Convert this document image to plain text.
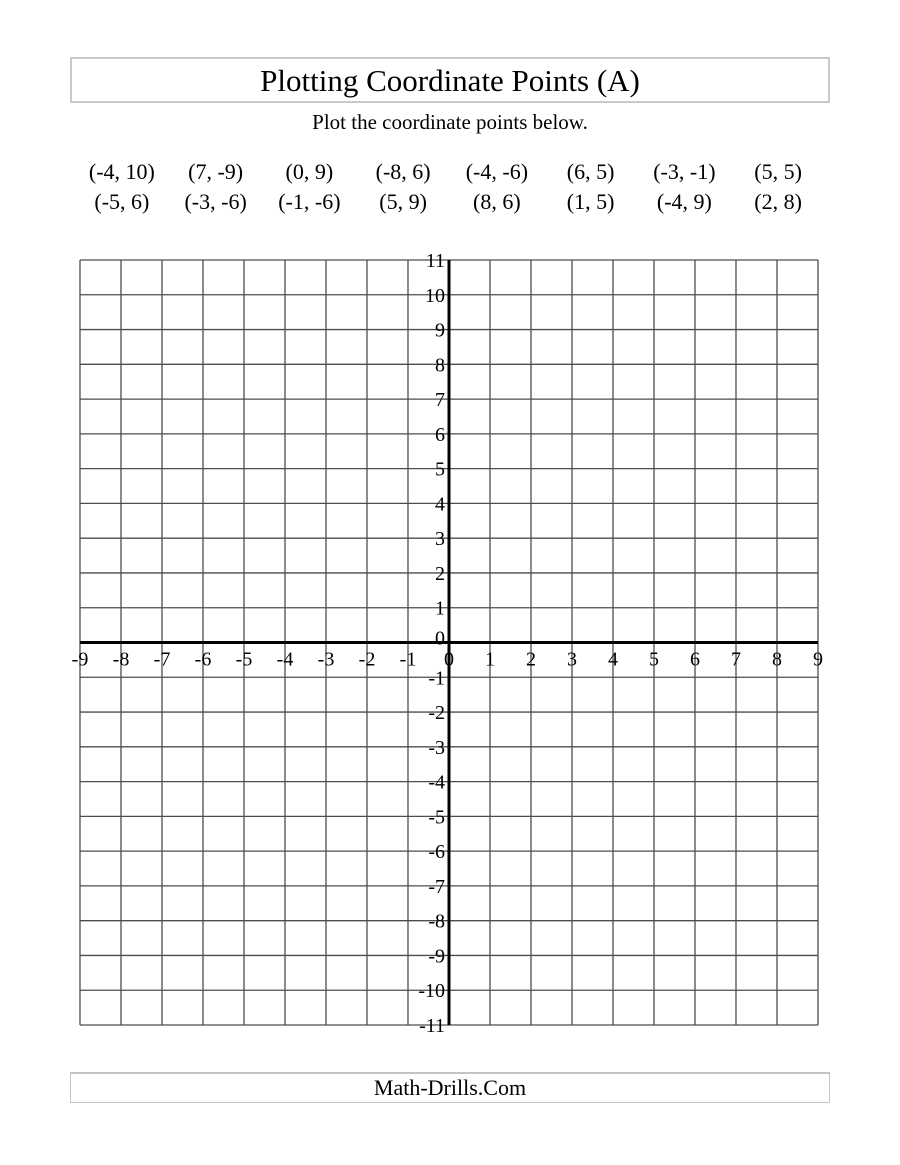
Plotting Coordinate Points (A)
Plot the coordinate points below.
(-4, 10)	(7, -9)	(0, 9)	(-8, 6)	(-4, -6)	(6, 5)	(-3, -1)	(5, 5)
(-5, 6)	(-3, -6)	(-1, -6)	(5, 9)	(8, 6)	(1, 5)	(-4, 9)	(2, 8)
-9 -8 -7 -6 -5 -4 -3 -2 -1 0 1 2 3 4 5 6 7 8 9
11
10
9
8
7
6
5
4
3
2
1
0
-1
-2
-3
-4
-5
-6
-7
-8
-9
-10
-11
Math-Drills.Com
